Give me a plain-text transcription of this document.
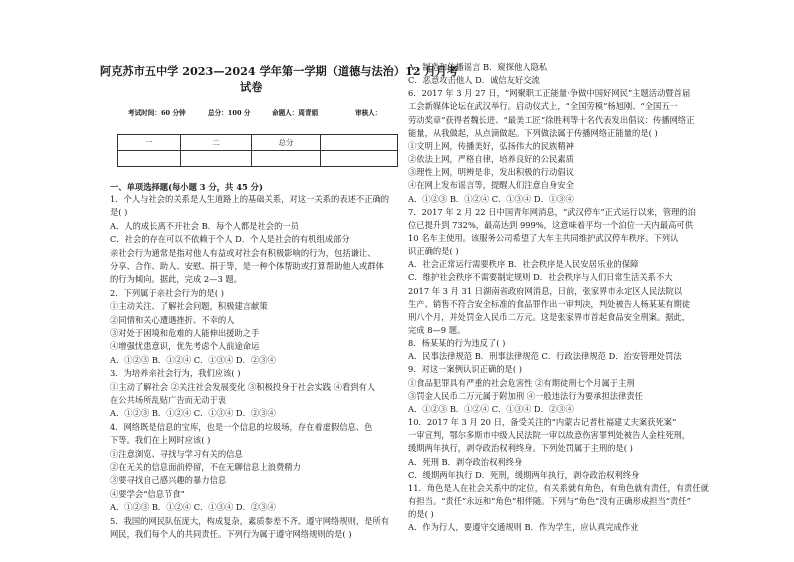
阿克苏市五中学 2023—2024 学年第一学期（道德与法治）12 月月考
试卷
考试时间：60 分钟	总分：100 分	命题人：周青娟	审核人：
一	二	总分	

一、单项选择题(每小题 3 分，共 45 分)
1．个人与社会的关系是人生道路上的基础关系，对这一关系的表述不正确的
是( )
A．人的成长离不开社会 B．每个人都是社会的一员
C．社会的存在可以不依赖于个人 D．个人是社会的有机组成部分
亲社会行为通常是指对他人有益或对社会有积极影响的行为，包括谦让、
分享、合作、助人、安慰、捐于等，是一种个体帮助或打算帮助他人或群体
的行为倾向。据此，完成 2—3 题。
2．下列属于亲社会行为的是( )
①主动关注、了解社会问题，积极建言献策
②同情和关心遭遇挫折、不幸的人
③对处于困境和危难的人能伸出援助之手
④增强忧患意识，优先考虑个人前途命运
A．①②③ B．①②④ C．①③④ D．②③④
3．为培养亲社会行为，我们应该( )
①主动了解社会 ②关注社会发展变化 ③积极投身于社会实践 ④看到有人
在公共场所乱贴广告而无动于衷
A．①②③ B．①②④ C．①③④ D．②③④
4．网络既是信息的宝库，也是一个信息的垃圾场，存在着虚假信息、色
下等。我们在上网时应该( )
①注意浏览、寻找与学习有关的信息
②在无关的信息面前停留，不在无聊信息上浪费精力
③要寻找自己感兴趣的暴力信息
④要学会“信息节食”
A．①②③ B．①②④ C．①③④ D．②③④
5．我国的网民队伍庞大，构成复杂，素质参差不齐。遵守网络规则，是所有
网民，我们每个人的共同责任。下列行为属于遵守网络规则的是( )
A．制造和传播谣言 B．窥探他人隐私
C．恶意攻击他人 D．诚信友好交流
6．2017 年 3 月 27 日，“网聚职工正能量·争做中国好网民”主题活动暨首届
工会新媒体论坛在武汉举行。启动仪式上，“全国劳模”杨旭刚、“全国五一
劳动奖章”获得者魏长进、“最美工匠”徐胜利等十名代表发出倡议：传播网络正
能量，从我做起，从点滴做起。下列做法属于传播网络正能量的是( )
①文明上网，传播美好，弘扬伟大的民族精神
②依法上网，严格自律，培养良好的公民素质
③理性上网，明辨是非，发出积极的行动倡议
④在网上发布谣言等，提醒人们注意自身安全
A．①②③ B．①②④ C．①③④ D．①③④
7．2017 年 2 月 22 日中国青年网消息，“武汉停车”正式运行以来，管理的泊
位已提升到 732%，最高达到 999%，这意味着平均一个泊位一天内最高可供
10 名车主使用。该服务公司希望了大车主共同维护武汉停车秩序。下列认
识正确的是( )
A．社会正常运行需要秩序 B．社会秩序是人民安居乐业的保障
C．维护社会秩序不需要制定规则 D．社会秩序与人们日常生活关系不大
2017 年 3 月 31 日湖南省政府网消息，日前，张家界市永定区人民法院以
生产、销售不符合安全标准的食品罪作出一审判决，判处被告人杨某某有期徒
刑八个月，并处罚金人民币二万元。这是张家界市首起食品安全刑案。据此，
完成 8—9 题。
8．杨某某的行为违反了( )
A．民事法律规范 B．刑事法律规范 C．行政法律规范 D．治安管理处罚法
9．对这一案例认识正确的是( )
①食品犯罪具有严重的社会危害性 ②有期徒刑七个月属于主刑
③罚金人民币二万元属于附加刑 ④一般违法行为要承担法律责任
A．①②③ B．①②④ C．①③④ D．②③④
10．2017 年 3 月 20 日，备受关注的“内蒙古记者杜福建丈夫案获死案”
一审宣判，鄂尔多斯市中级人民法院一审以故意伤害罪判处被告人金柱死刑，
缓期两年执行，剥夺政治权利终身。下列处罚属于主刑的是( )
A．死刑 B．剥夺政治权利终身
C．缓期两年执行 D．死刑，缓期两年执行，剥夺政治权利终身
11．角色是人在社会关系中的定位，有关系就有角色，有角色就有责任，有责任就
有担当。“责任”永远和“角色”相伴随。下列与“角色”没有正确形成担当“责任”
的是( )
A．作为行人，要遵守交通规则 B．作为学生，应认真完成作业
